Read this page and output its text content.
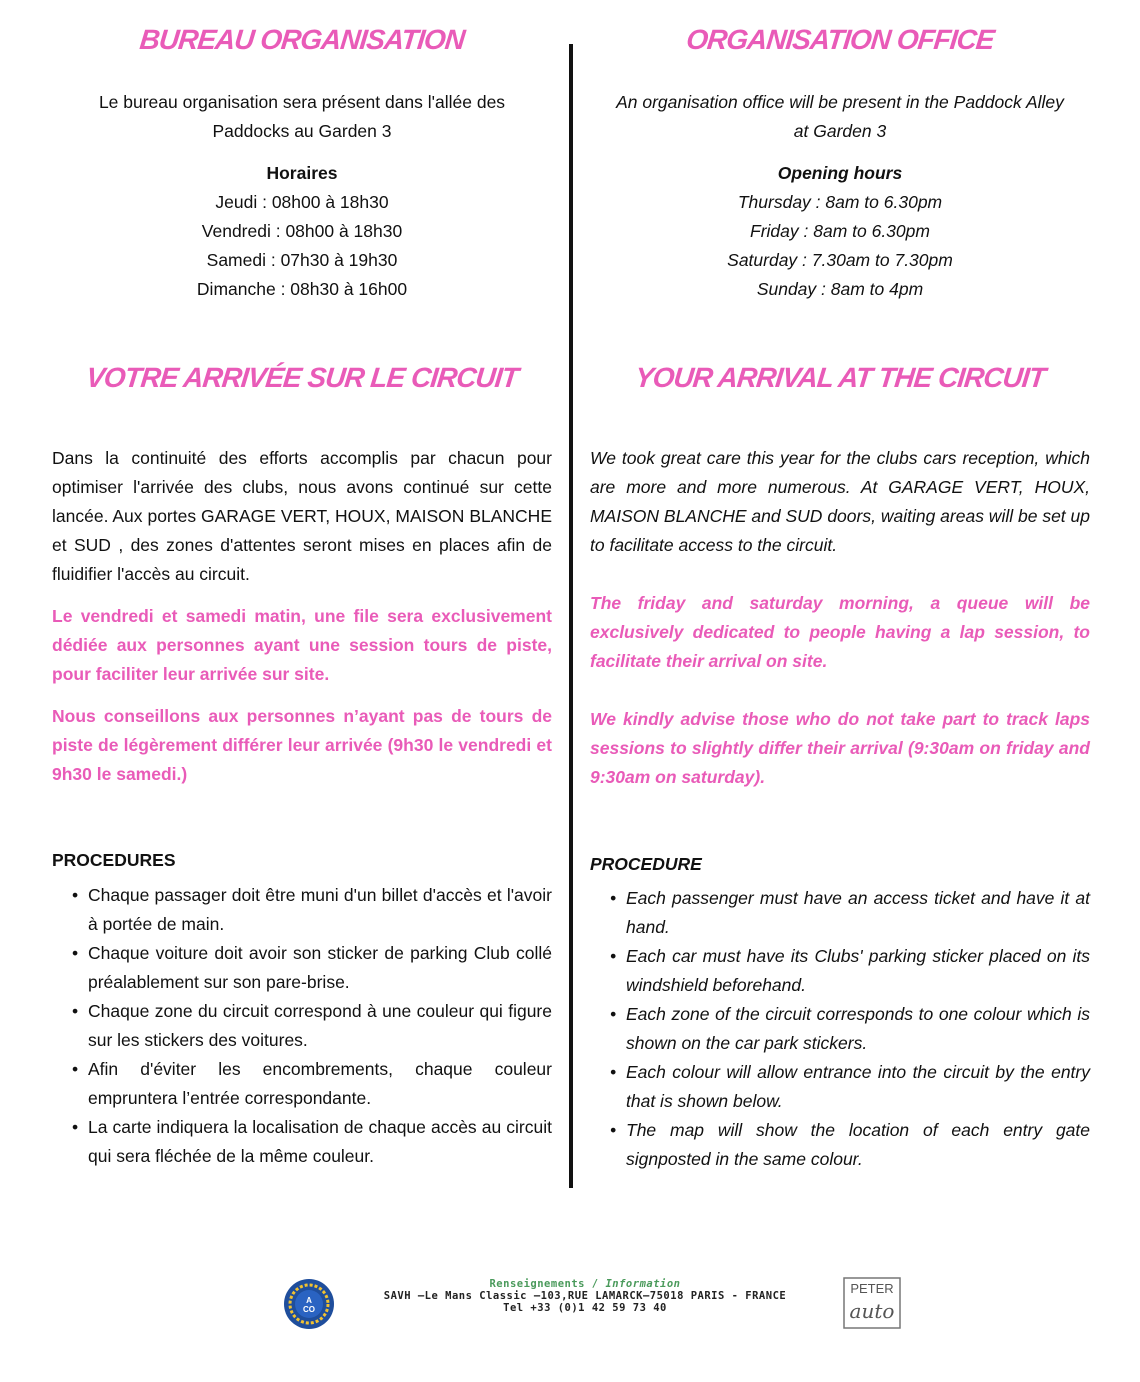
BUREAU ORGANISATION

Le bureau organisation sera présent dans l'allée des

Paddocks au Garden 3

Horaires

Jeudi : 08h00 à 18h30

Vendredi : 08h00 à 18h30

Samedi : 07h30 à 19h30

Dimanche : 08h30 à 16h00

VOTRE ARRIVÉE SUR LE CIRCUIT
Dans la continuité des efforts accomplis par chacun pour optimiser l'arrivée des clubs, nous avons continué sur cette lancée. Aux portes GARAGE VERT, HOUX, MAISON BLANCHE et SUD , des zones d'attentes seront mises en places afin de fluidifier l'accès au circuit.
Le vendredi et samedi matin, une file sera exclusivement dédiée aux personnes ayant une session tours de piste, pour faciliter leur arrivée sur site.
Nous conseillons aux personnes n’ayant pas de tours de piste de légèrement différer leur arrivée (9h30 le vendredi et 9h30 le samedi.)
PROCEDURES
• Chaque passager doit être muni d'un billet d'accès et l'avoir à portée de main.
• Chaque voiture doit avoir son sticker de parking Club collé préalablement sur son pare-brise.
• Chaque zone du circuit correspond à une couleur qui figure sur les stickers des voitures.
• Afin d'éviter les encombrements, chaque couleur empruntera l’entrée correspondante.
• La carte indiquera la localisation de chaque accès au circuit qui sera fléchée de la même couleur.
ORGANISATION OFFICE

An organisation office will be present in the Paddock Alley

at Garden 3

Opening hours

Thursday : 8am to 6.30pm

Friday : 8am to 6.30pm

Saturday : 7.30am to 7.30pm

Sunday : 8am to 4pm

YOUR ARRIVAL AT THE CIRCUIT
We took great care this year for the clubs cars reception, which are more and more numerous. At GARAGE VERT, HOUX, MAISON BLANCHE and SUD doors, waiting areas will be set up to facilitate access to the circuit.
The friday and saturday morning, a queue will be exclusively dedicated to people having a lap session, to facilitate their arrival on site.
We kindly advise those who do not take part to track laps sessions to slightly differ their arrival (9:30am on friday and 9:30am on saturday).
PROCEDURE
• Each passenger must have an access ticket and have it at hand.
• Each car must have its Clubs' parking sticker placed on its windshield beforehand.
• Each zone of the circuit corresponds to one colour which is shown on the car park stickers.
• Each colour will allow entrance into the circuit by the entry that is shown below.
• The map will show the location of each entry gate signposted in the same colour.
A
CO
Renseignements / Information
SAVH –Le Mans Classic –103,RUE LAMARCK–75018 PARIS - FRANCE
Tel +33 (0)1 42 59 73 40
PETER
auto
